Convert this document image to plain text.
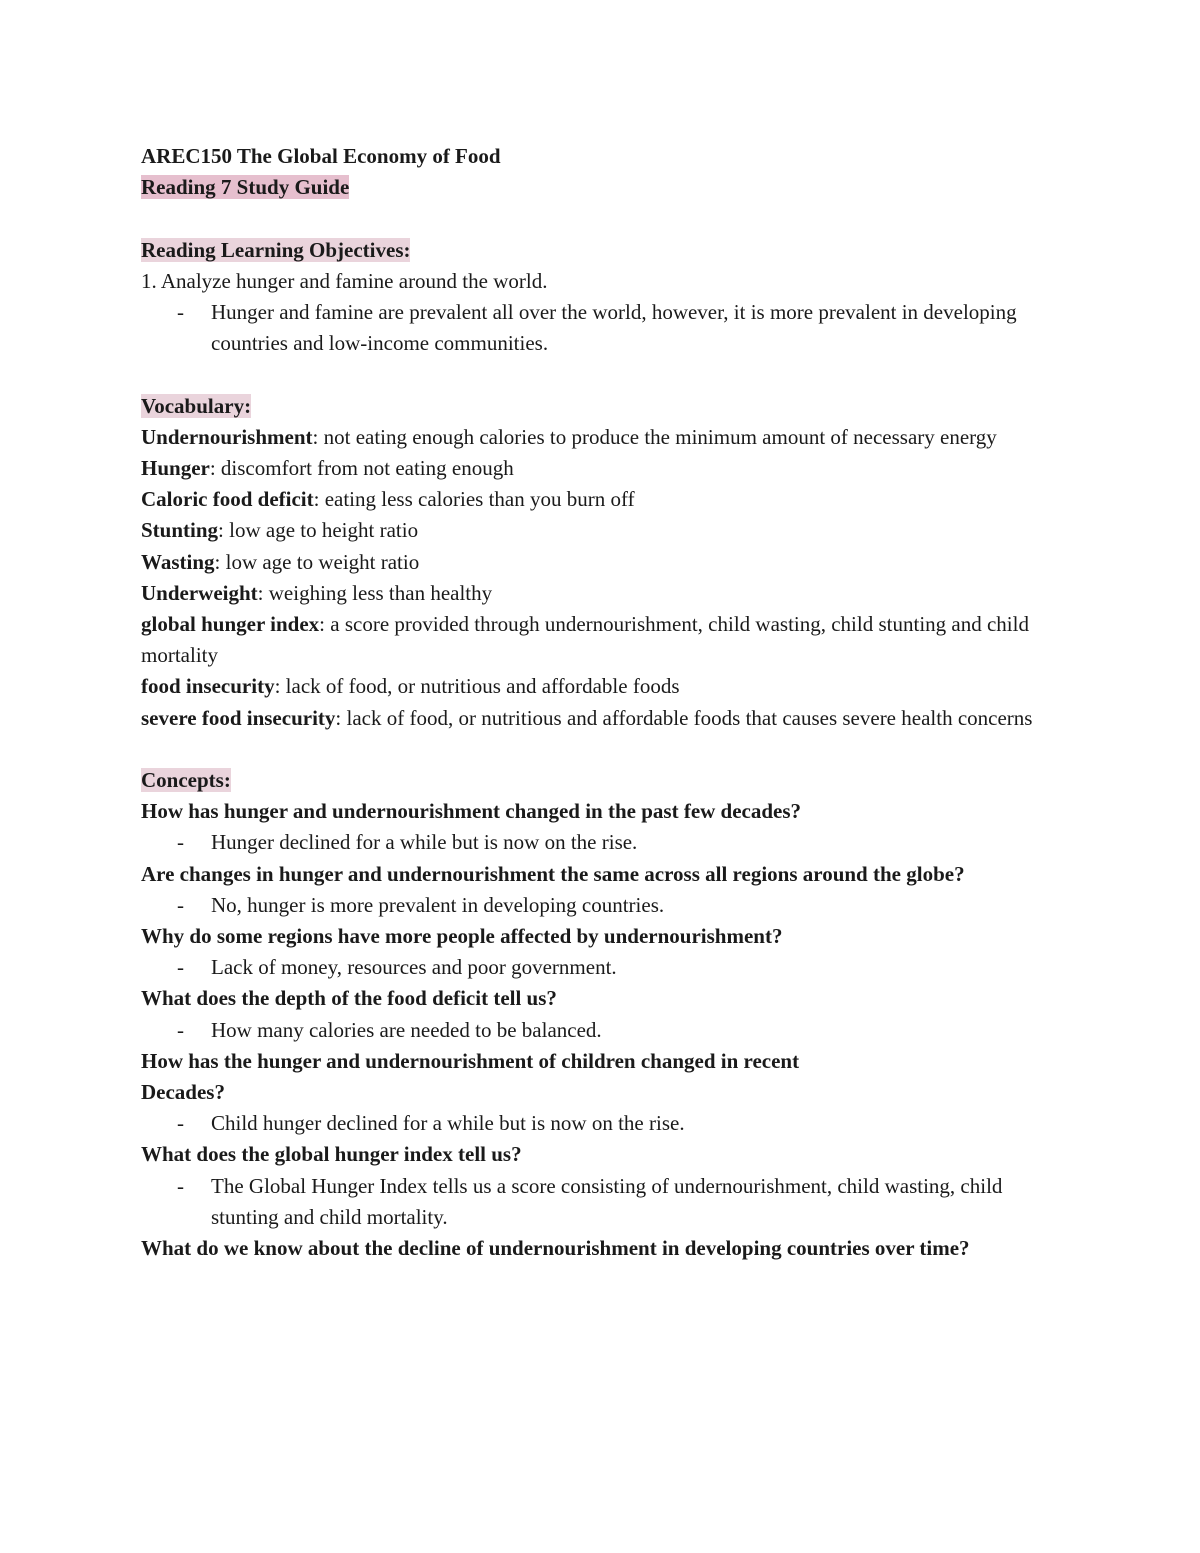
AREC150 The Global Economy of Food
Reading 7 Study Guide
Reading Learning Objectives:
1. Analyze hunger and famine around the world.
- Hunger and famine are prevalent all over the world, however, it is more prevalent in developing countries and low-income communities.
Vocabulary:
Undernourishment: not eating enough calories to produce the minimum amount of necessary energy
Hunger: discomfort from not eating enough
Caloric food deficit: eating less calories than you burn off
Stunting: low age to height ratio
Wasting: low age to weight ratio
Underweight: weighing less than healthy
global hunger index: a score provided through undernourishment, child wasting, child stunting and child mortality
food insecurity: lack of food, or nutritious and affordable foods
severe food insecurity: lack of food, or nutritious and affordable foods that causes severe health concerns
Concepts:
How has hunger and undernourishment changed in the past few decades?
- Hunger declined for a while but is now on the rise.
Are changes in hunger and undernourishment the same across all regions around the globe?
- No, hunger is more prevalent in developing countries.
Why do some regions have more people affected by undernourishment?
- Lack of money, resources and poor government.
What does the depth of the food deficit tell us?
- How many calories are needed to be balanced.
How has the hunger and undernourishment of children changed in recent
Decades?
- Child hunger declined for a while but is now on the rise.
What does the global hunger index tell us?
- The Global Hunger Index tells us a score consisting of undernourishment, child wasting, child stunting and child mortality.
What do we know about the decline of undernourishment in developing countries over time?
